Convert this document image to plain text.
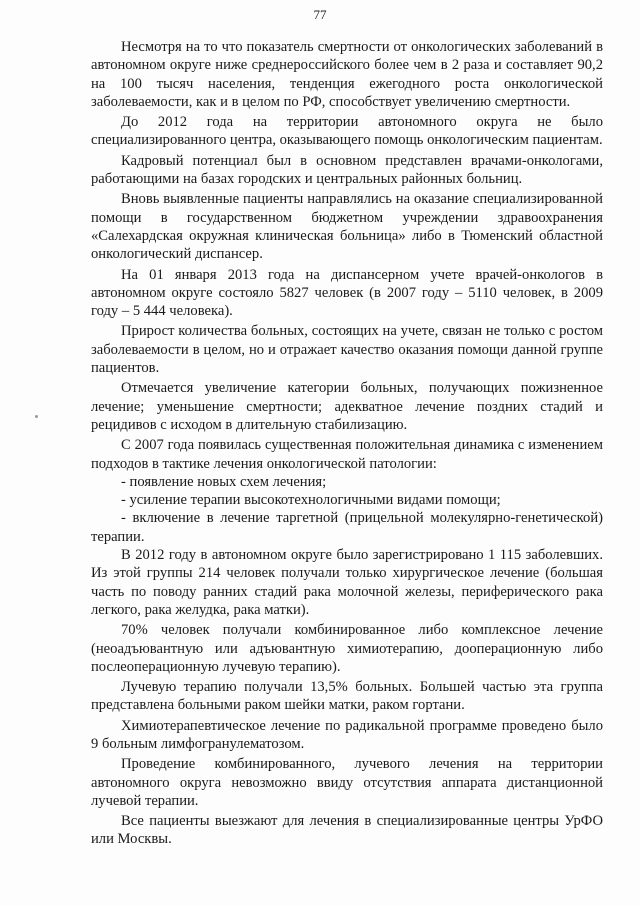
77

Несмотря на то что показатель смертности от онкологических заболеваний в автономном округе ниже среднероссийского более чем в 2 раза и составляет 90,2 на 100 тысяч населения, тенденция ежегодного роста онкологической заболеваемости, как и в целом по РФ, способствует увеличению смертности.

До 2012 года на территории автономного округа не было специализированного центра, оказывающего помощь онкологическим пациентам.

Кадровый потенциал был в основном представлен врачами-онкологами, работающими на базах городских и центральных районных больниц.

Вновь выявленные пациенты направлялись на оказание специализированной помощи в государственном бюджетном учреждении здравоохранения «Салехардская окружная клиническая больница» либо в Тюменский областной онкологический диспансер.

На 01 января 2013 года на диспансерном учете врачей-онкологов в автономном округе состояло 5827 человек (в 2007 году – 5110 человек, в 2009 году – 5 444 человека).

Прирост количества больных, состоящих на учете, связан не только с ростом заболеваемости в целом, но и отражает качество оказания помощи данной группе пациентов.

Отмечается увеличение категории больных, получающих пожизненное лечение; уменьшение смертности; адекватное лечение поздних стадий и рецидивов с исходом в длительную стабилизацию.

С 2007 года появилась существенная положительная динамика с изменением подходов в тактике лечения онкологической патологии:

- появление новых схем лечения;

- усиление терапии высокотехнологичными видами помощи;

- включение в лечение таргетной (прицельной молекулярно-генетической) терапии.

В 2012 году в автономном округе было зарегистрировано 1 115 заболевших. Из этой группы 214 человек получали только хирургическое лечение (большая часть по поводу ранних стадий рака молочной железы, периферического рака легкого, рака желудка, рака матки).

70% человек получали комбинированное либо комплексное лечение (неоадъювантную или адъювантную химиотерапию, дооперационную либо послеоперационную лучевую терапию).

Лучевую терапию получали 13,5% больных. Большей частью эта группа представлена больными раком шейки матки, раком гортани.

Химиотерапевтическое лечение по радикальной программе проведено было 9 больным лимфогранулематозом.

Проведение комбинированного, лучевого лечения на территории автономного округа невозможно ввиду отсутствия аппарата дистанционной лучевой терапии.

Все пациенты выезжают для лечения в специализированные центры УрФО или Москвы.
